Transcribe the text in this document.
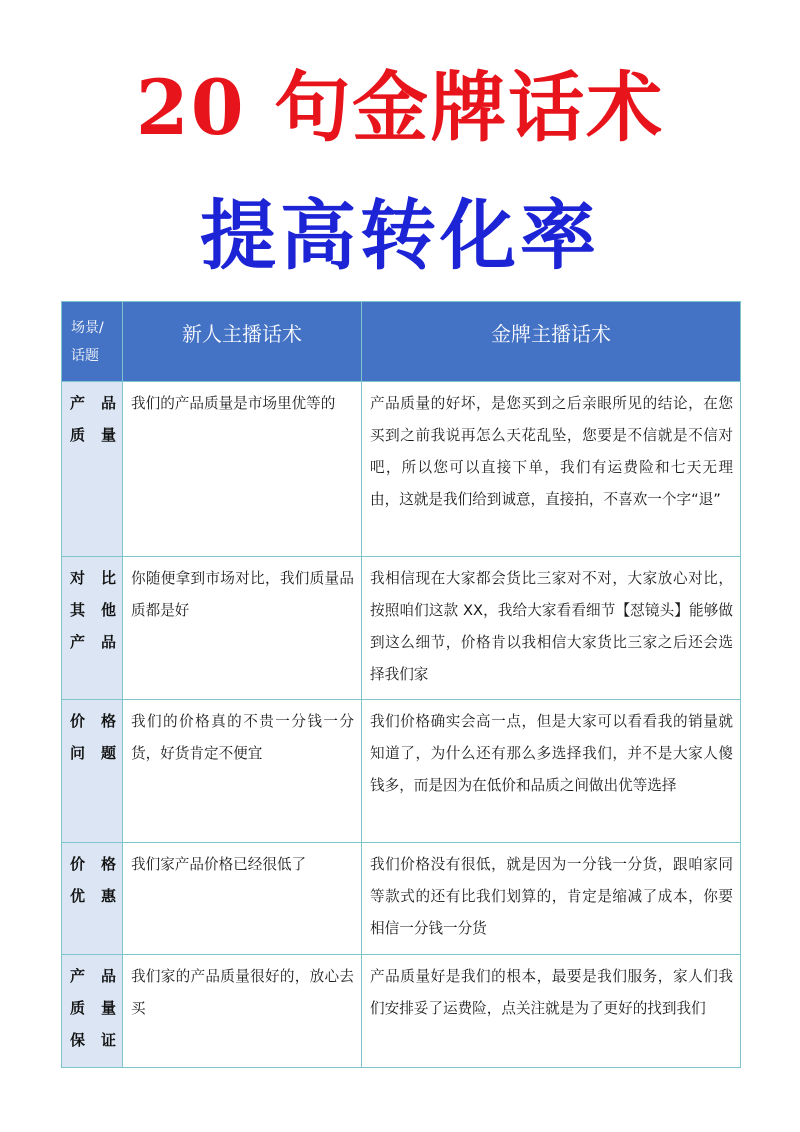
20 句金牌话术
提高转化率
场景/
话题	新人主播话术	金牌主播话术

产品
质量	我们的产品质量是市场里优等的	产品质量的好坏，是您买到之后亲眼所见的结论，在您买到之前我说再怎么天花乱坠，您要是不信就是不信对吧，所以您可以直接下单，我们有运费险和七天无理由，这就是我们给到诚意，直接拍，不喜欢一个字“退”

对比
其他
产品	你随便拿到市场对比，我们质量品质都是好	我相信现在大家都会货比三家对不对，大家放心对比，按照咱们这款 XX，我给大家看看细节【怼镜头】能够做到这么细节，价格肯以我相信大家货比三家之后还会选择我们家

价格
问题	我们的价格真的不贵一分钱一分货，好货肯定不便宜	我们价格确实会高一点，但是大家可以看看我的销量就知道了，为什么还有那么多选择我们，并不是大家人傻钱多，而是因为在低价和品质之间做出优等选择

价格
优惠	我们家产品价格已经很低了	我们价格没有很低，就是因为一分钱一分货，跟咱家同等款式的还有比我们划算的，肯定是缩减了成本，你要相信一分钱一分货

产品
质量
保证	我们家的产品质量很好的，放心去买	产品质量好是我们的根本，最要是我们服务，家人们我们安排妥了运费险，点关注就是为了更好的找到我们
